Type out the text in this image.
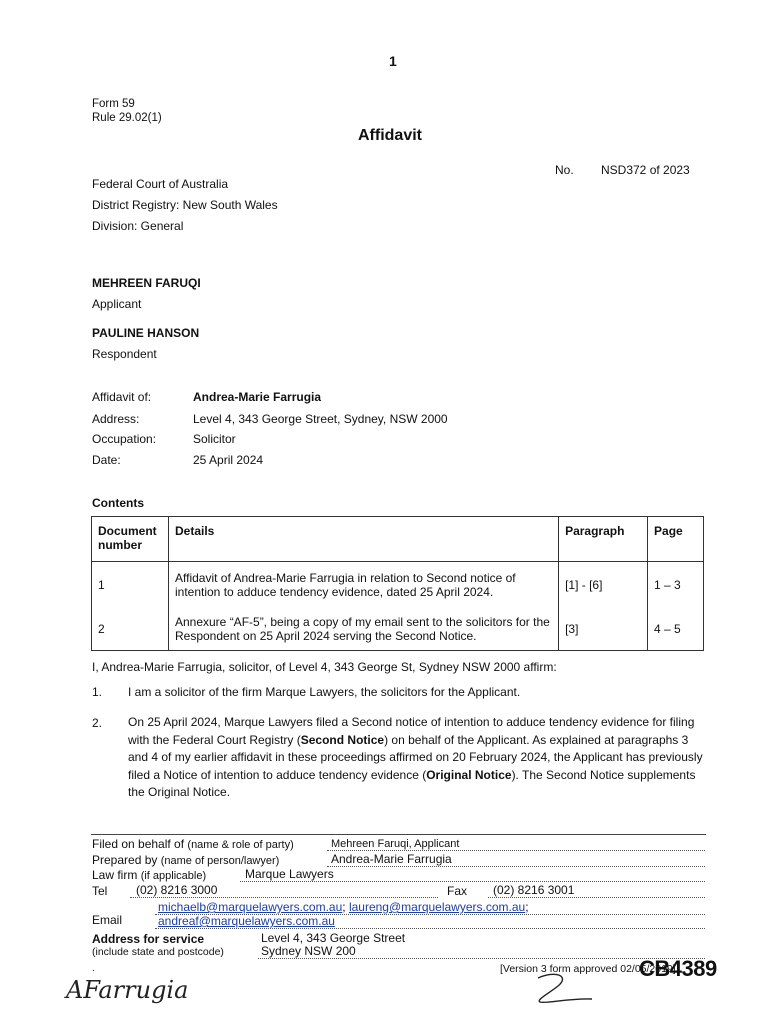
1
Form 59
Rule 29.02(1)
Affidavit
No. NSD372 of 2023
Federal Court of Australia
District Registry: New South Wales
Division: General
MEHREEN FARUQI
Applicant
PAULINE HANSON
Respondent
Affidavit of:	Andrea-Marie Farrugia
Address:	Level 4, 343 George Street, Sydney, NSW 2000
Occupation:	Solicitor
Date:	25 April 2024
Contents
Document number	Details	Paragraph	Page
1	Affidavit of Andrea-Marie Farrugia in relation to Second notice of intention to adduce tendency evidence, dated 25 April 2024.	[1] - [6]	1 – 3
2	Annexure “AF-5”, being a copy of my email sent to the solicitors for the Respondent on 25 April 2024 serving the Second Notice.	[3]	4 – 5
I, Andrea-Marie Farrugia, solicitor, of Level 4, 343 George St, Sydney NSW 2000 affirm:
1. I am a solicitor of the firm Marque Lawyers, the solicitors for the Applicant.
2. On 25 April 2024, Marque Lawyers filed a Second notice of intention to adduce tendency evidence for filing with the Federal Court Registry (Second Notice) on behalf of the Applicant. As explained at paragraphs 3 and 4 of my earlier affidavit in these proceedings affirmed on 20 February 2024, the Applicant has previously filed a Notice of intention to adduce tendency evidence (Original Notice). The Second Notice supplements the Original Notice.
Filed on behalf of (name & role of party)	Mehreen Faruqi, Applicant
Prepared by (name of person/lawyer)	Andrea-Marie Farrugia
Law firm (if applicable)	Marque Lawyers
Tel	(02) 8216 3000	Fax	(02) 8216 3001
michaelb@marquelawyers.com.au; laureng@marquelawyers.com.au;
Email	andreaf@marquelawyers.com.au
Address for service
(include state and postcode)
Level 4, 343 George Street
Sydney NSW 200
.	[Version 3 form approved 02/05/2019]
CB4389
AFarrugia
